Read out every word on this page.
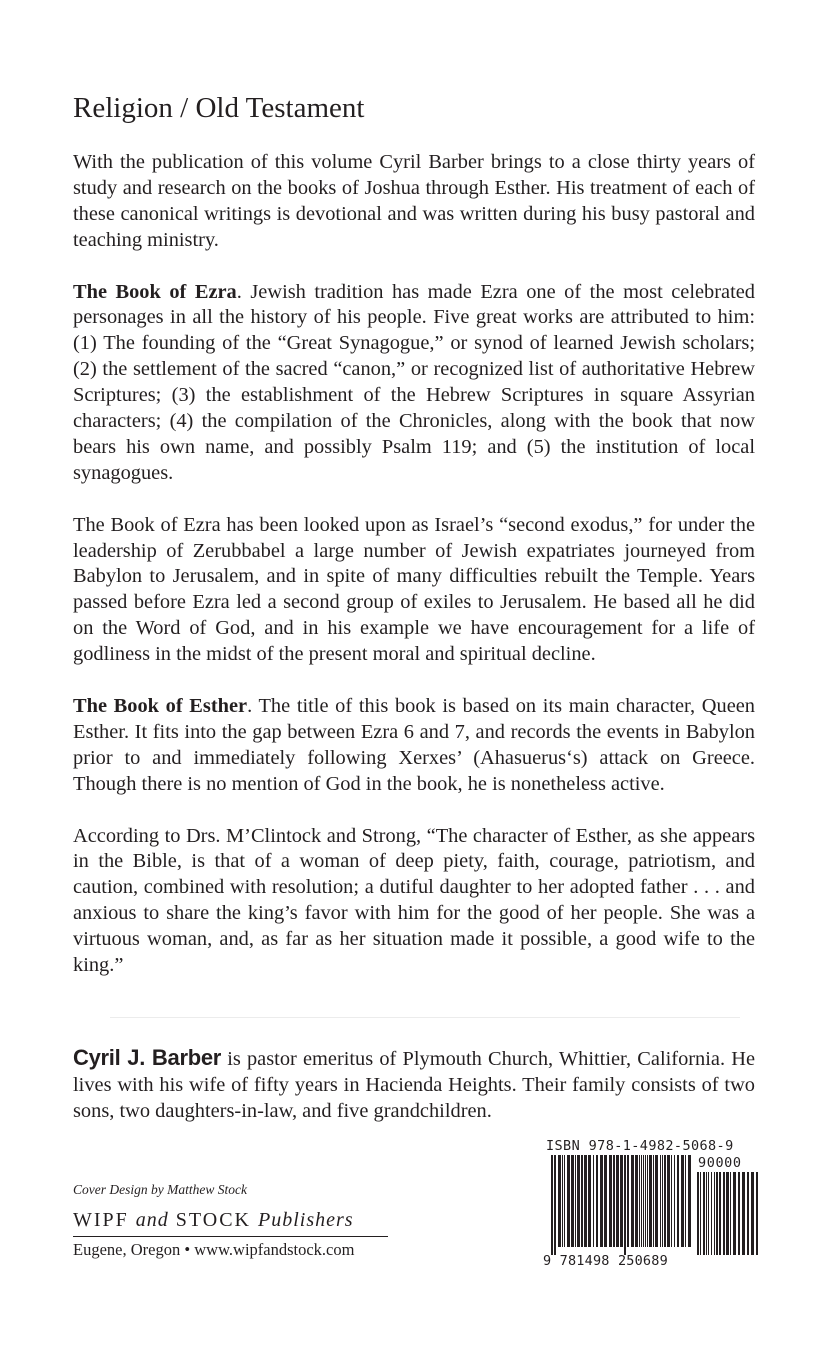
Religion / Old Testament

With the publication of this volume Cyril Barber brings to a close thirty years of study and research on the books of Joshua through Esther. His treatment of each of these canonical writings is devotional and was written during his busy pastoral and teaching ministry.

The Book of Ezra. Jewish tradition has made Ezra one of the most celebrated personages in all the history of his people. Five great works are attributed to him: (1) The founding of the “Great Synagogue,” or synod of learned Jewish scholars; (2) the settlement of the sacred “canon,” or recognized list of authoritative Hebrew Scriptures; (3) the establishment of the Hebrew Scriptures in square Assyrian characters; (4) the compilation of the Chronicles, along with the book that now bears his own name, and possibly Psalm 119; and (5) the institution of local synagogues.

The Book of Ezra has been looked upon as Israel’s “second exodus,” for under the leadership of Zerubbabel a large number of Jewish expatriates journeyed from Babylon to Jerusalem, and in spite of many difficulties rebuilt the Temple. Years passed before Ezra led a second group of exiles to Jerusalem. He based all he did on the Word of God, and in his example we have encouragement for a life of godliness in the midst of the present moral and spiritual decline.

The Book of Esther. The title of this book is based on its main character, Queen Esther. It fits into the gap between Ezra 6 and 7, and records the events in Babylon prior to and immediately following Xerxes’ (Ahasuerus‘s) attack on Greece. Though there is no mention of God in the book, he is nonetheless active.

According to Drs. M’Clintock and Strong, “The character of Esther, as she appears in the Bible, is that of a woman of deep piety, faith, courage, patriotism, and caution, combined with resolution; a dutiful daughter to her adopted father . . . and anxious to share the king’s favor with him for the good of her people. She was a virtuous woman, and, as far as her situation made it possible, a good wife to the king.”

Cyril J. Barber is pastor emeritus of Plymouth Church, Whittier, California. He lives with his wife of fifty years in Hacienda Heights. Their family consists of two sons, two daughters-in-law, and five grandchildren.

Cover Design by Matthew Stock

WIPF and STOCK Publishers

Eugene, Oregon • www.wipfandstock.com

ISBN 978-1-4982-5068-9

90000

9 781498 250689
